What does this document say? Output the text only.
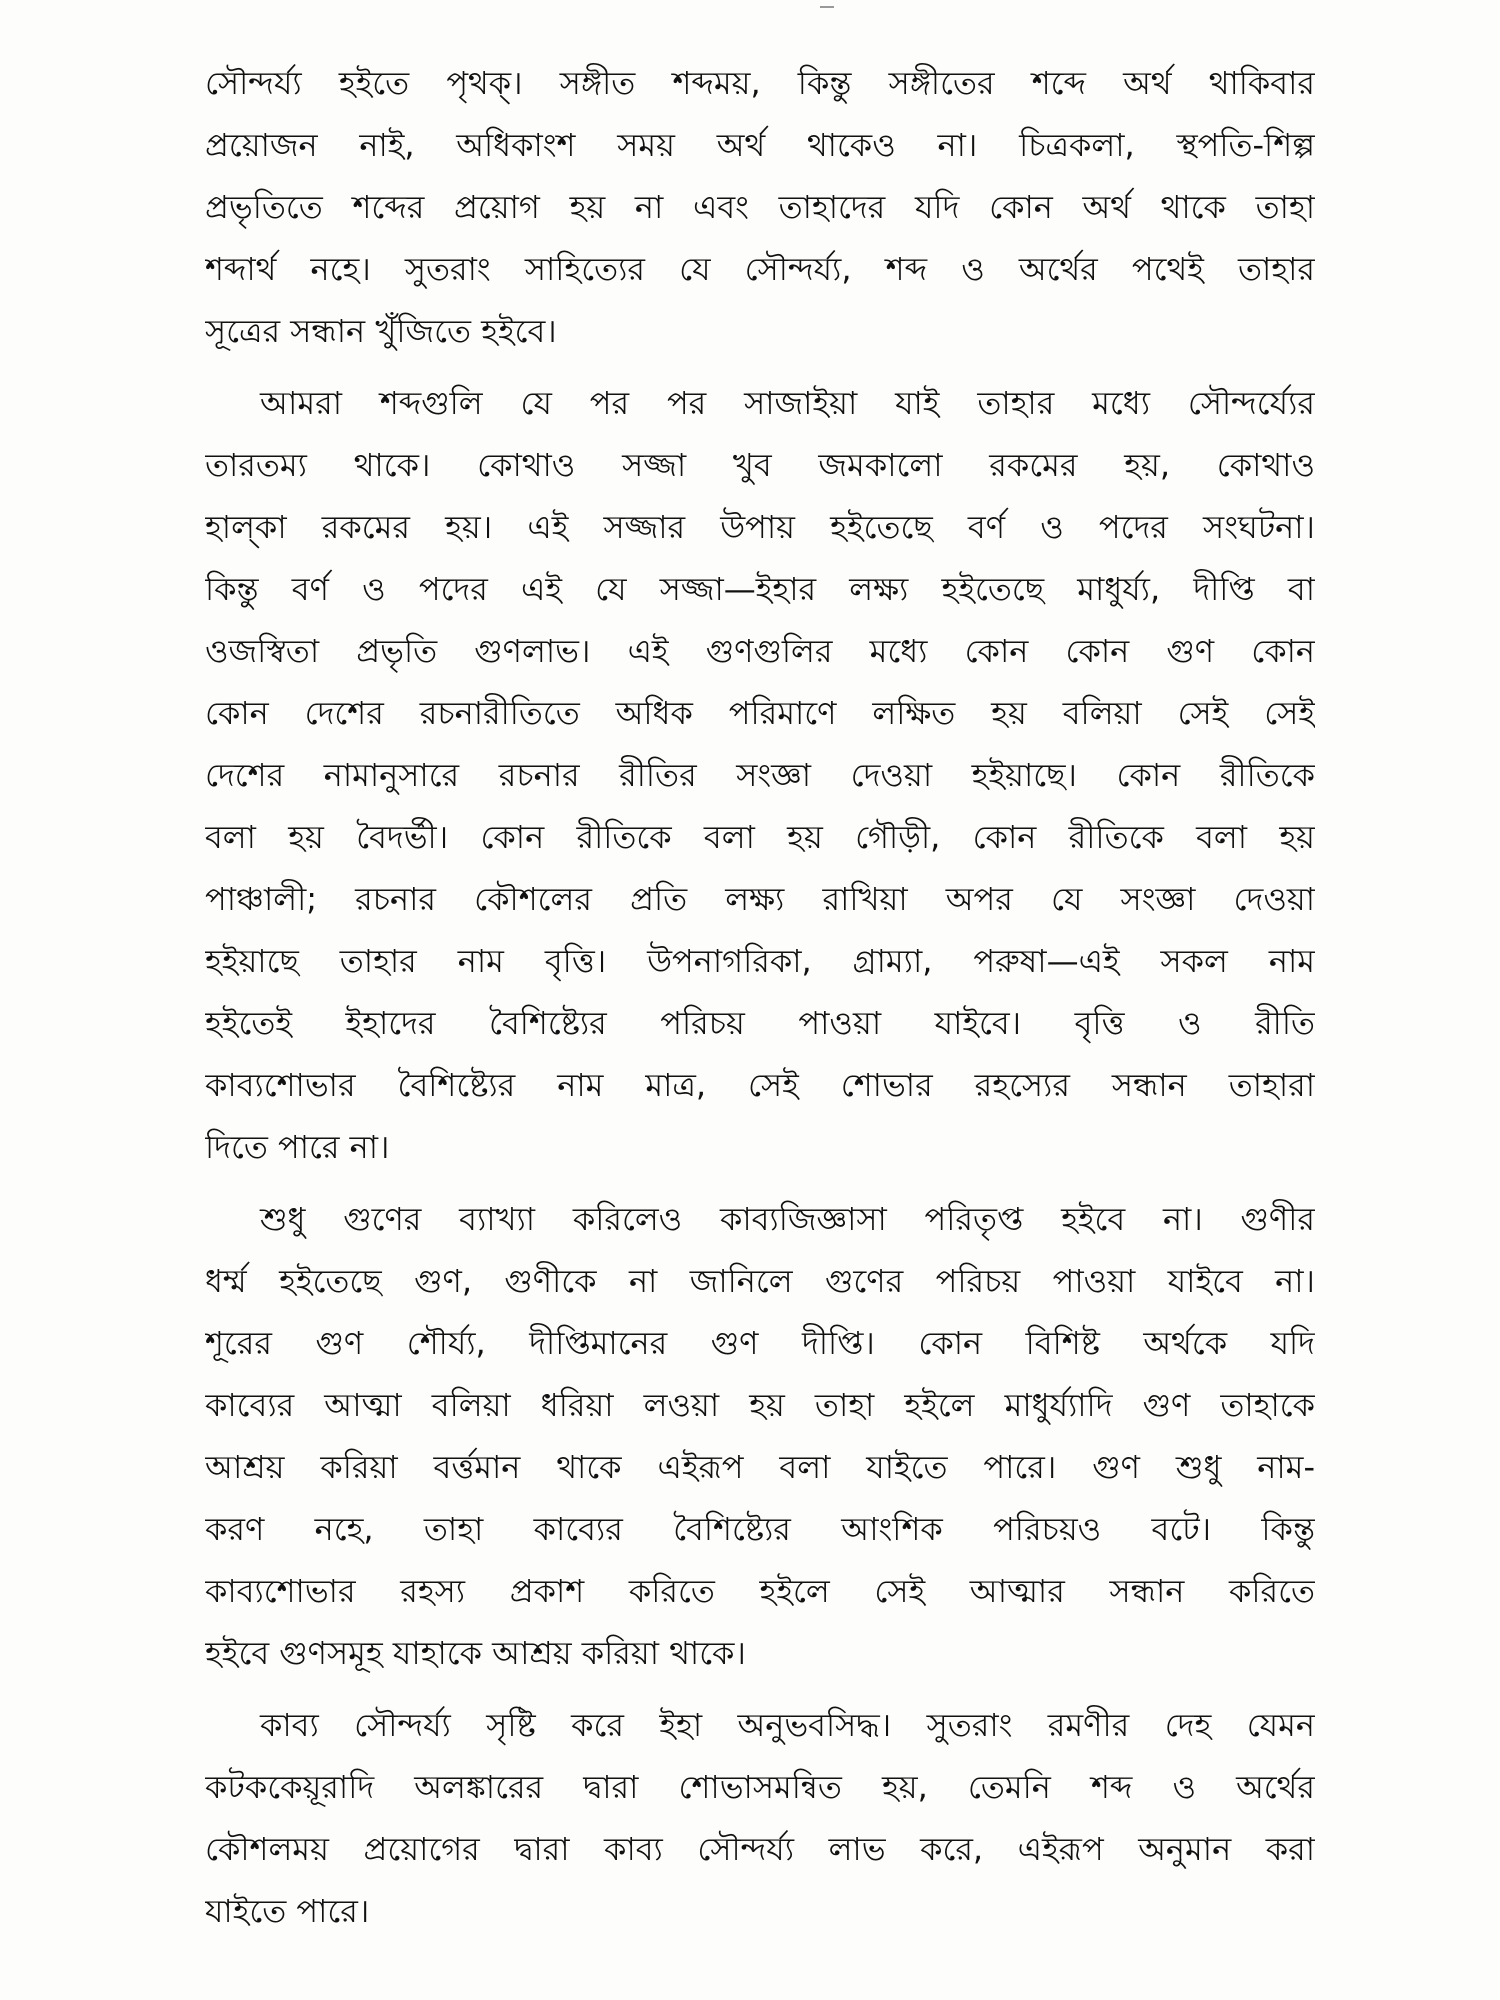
সৌন্দর্য্য হইতে পৃথক্‌। সঙ্গীত শব্দময়, কিন্তু সঙ্গীতের শব্দে অর্থ থাকিবার
প্রয়োজন নাই, অধিকাংশ সময় অর্থ থাকেও না। চিত্রকলা, স্থপতি-শিল্প
প্রভৃতিতে শব্দের প্রয়োগ হয় না এবং তাহাদের যদি কোন অর্থ থাকে তাহা
শব্দার্থ নহে। সুতরাং সাহিত্যের যে সৌন্দর্য্য, শব্দ ও অর্থের পথেই তাহার
সূত্রের সন্ধান খুঁজিতে হইবে।
আমরা শব্দগুলি যে পর পর সাজাইয়া যাই তাহার মধ্যে সৌন্দর্য্যের
তারতম্য থাকে। কোথাও সজ্জা খুব জমকালো রকমের হয়, কোথাও
হাল্‌কা রকমের হয়। এই সজ্জার উপায় হইতেছে বর্ণ ও পদের সংঘটনা।
কিন্তু বর্ণ ও পদের এই যে সজ্জা—ইহার লক্ষ্য হইতেছে মাধুর্য্য, দীপ্তি বা
ওজস্বিতা প্রভৃতি গুণলাভ। এই গুণগুলির মধ্যে কোন কোন গুণ কোন
কোন দেশের রচনারীতিতে অধিক পরিমাণে লক্ষিত হয় বলিয়া সেই সেই
দেশের নামানুসারে রচনার রীতির সংজ্ঞা দেওয়া হইয়াছে। কোন রীতিকে
বলা হয় বৈদর্ভী। কোন রীতিকে বলা হয় গৌড়ী, কোন রীতিকে বলা হয়
পাঞ্চালী; রচনার কৌশলের প্রতি লক্ষ্য রাখিয়া অপর যে সংজ্ঞা দেওয়া
হইয়াছে তাহার নাম বৃত্তি। উপনাগরিকা, গ্রাম্যা, পরুষা—এই সকল নাম
হইতেই ইহাদের বৈশিষ্ট্যের পরিচয় পাওয়া যাইবে। বৃত্তি ও রীতি
কাব্যশোভার বৈশিষ্ট্যের নাম মাত্র, সেই শোভার রহস্যের সন্ধান তাহারা
দিতে পারে না।
শুধু গুণের ব্যাখ্যা করিলেও কাব্যজিজ্ঞাসা পরিতৃপ্ত হইবে না। গুণীর
ধর্ম্ম হইতেছে গুণ, গুণীকে না জানিলে গুণের পরিচয় পাওয়া যাইবে না।
শূরের গুণ শৌর্য্য, দীপ্তিমানের গুণ দীপ্তি। কোন বিশিষ্ট অর্থকে যদি
কাব্যের আত্মা বলিয়া ধরিয়া লওয়া হয় তাহা হইলে মাধুর্য্যাদি গুণ তাহাকে
আশ্রয় করিয়া বর্ত্তমান থাকে এইরূপ বলা যাইতে পারে। গুণ শুধু নাম-
করণ নহে, তাহা কাব্যের বৈশিষ্ট্যের আংশিক পরিচয়ও বটে। কিন্তু
কাব্যশোভার রহস্য প্রকাশ করিতে হইলে সেই আত্মার সন্ধান করিতে
হইবে গুণসমূহ যাহাকে আশ্রয় করিয়া থাকে।
কাব্য সৌন্দর্য্য সৃষ্টি করে ইহা অনুভবসিদ্ধ। সুতরাং রমণীর দেহ যেমন
কটককেয়ূরাদি অলঙ্কারের দ্বারা শোভাসমন্বিত হয়, তেমনি শব্দ ও অর্থের
কৌশলময় প্রয়োগের দ্বারা কাব্য সৌন্দর্য্য লাভ করে, এইরূপ অনুমান করা
যাইতে পারে।
